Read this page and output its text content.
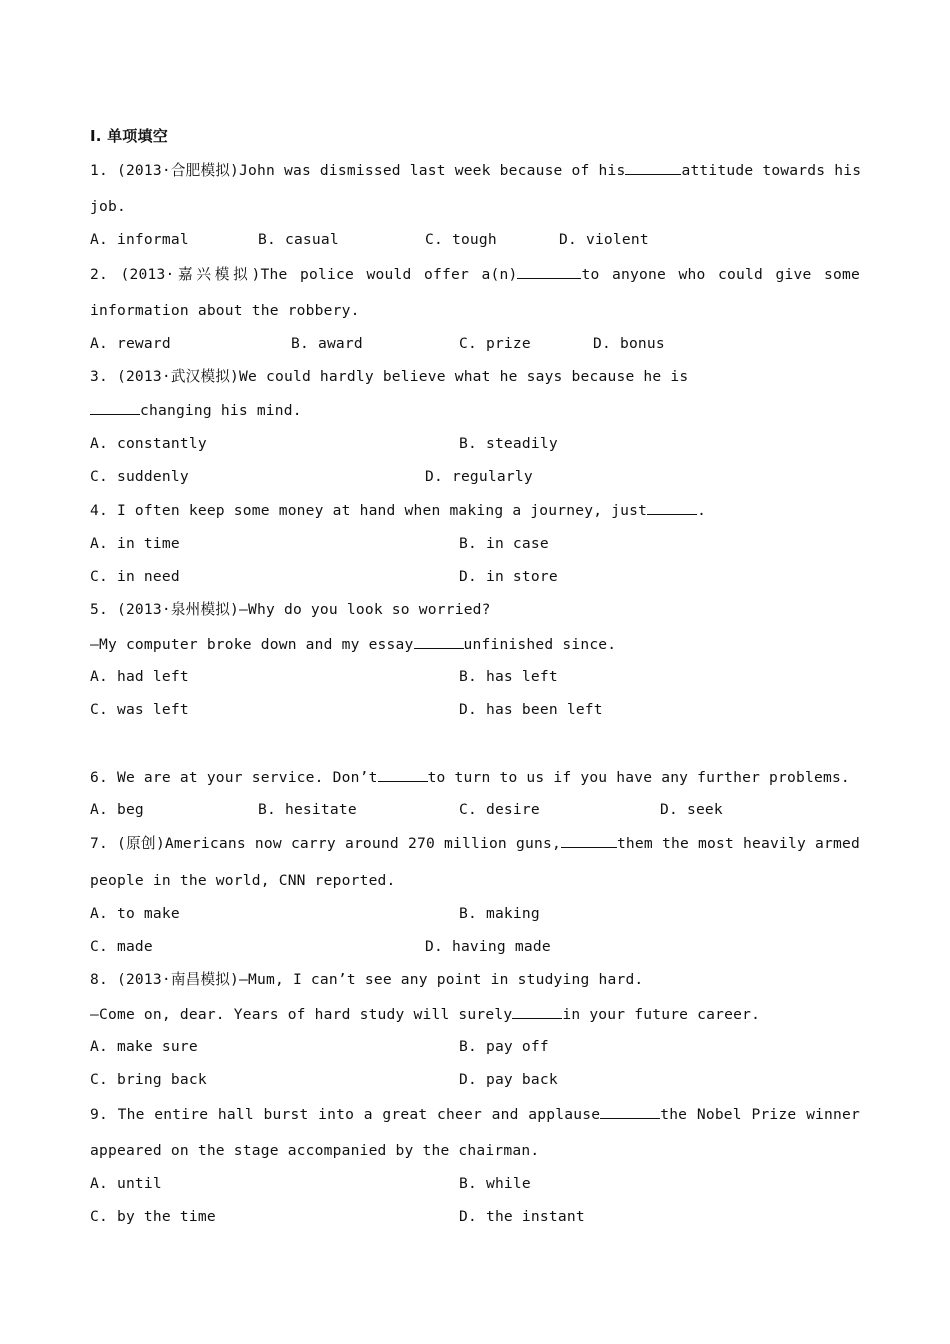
Ⅰ. 单项填空
1. (2013·合肥模拟)John was dismissed last week because of his	attitude towards his
job.
A. informal	B. casual	C. tough	D. violent
2. (2013·嘉兴模拟)The police would offer a(n)	to anyone who could give some
information about the robbery.
A. reward	B. award	C. prize	D. bonus
3. (2013·武汉模拟)We could hardly believe what he says because he is
changing his mind.
A. constantly	B. steadily
C. suddenly	D. regularly
4. I often keep some money at hand when making a journey, just	.
A. in time	B. in case
C. in need	D. in store
5. (2013·泉州模拟)—Why do you look so worried?
—My computer broke down and my essay	unfinished since.
A. had left	B. has left
C. was left	D. has been left
6. We are at your service. Don’t	to turn to us if you have any further problems.
A. beg	B. hesitate	C. desire	D. seek
7. (原创)Americans now carry around 270 million guns,	them the most heavily armed
people in the world, CNN reported.
A. to make	B. making
C. made	D. having made
8. (2013·南昌模拟)—Mum, I can’t see any point in studying hard.
—Come on, dear. Years of hard study will surely	in your future career.
A. make sure	B. pay off
C. bring back	D. pay back
9. The entire hall burst into a great cheer and applause	the Nobel Prize winner
appeared on the stage accompanied by the chairman.
A. until	B. while
C. by the time	D. the instant
